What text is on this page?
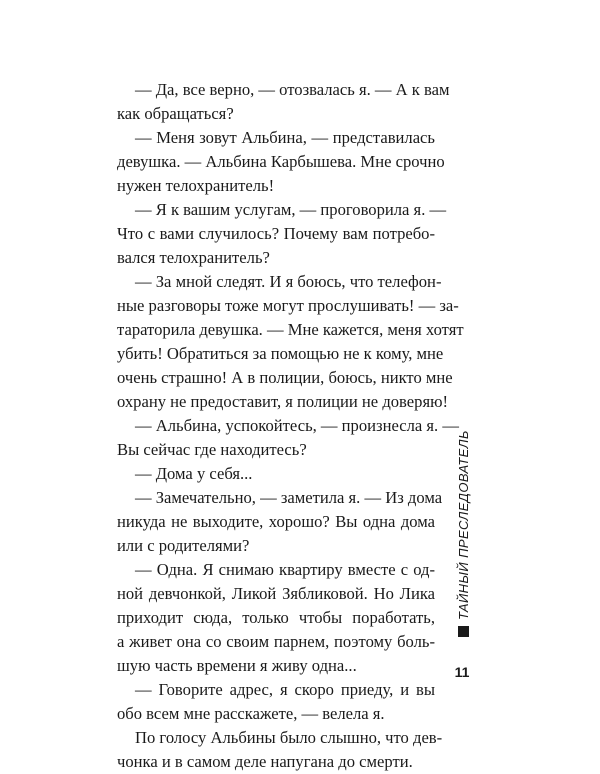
— Да, все верно, — отозвалась я. — А к вам
как обращаться?
— Меня зовут Альбина, — представилась
девушка. — Альбина Карбышева. Мне срочно
нужен телохранитель!
— Я к вашим услугам, — проговорила я. —
Что с вами случилось? Почему вам потребо-
вался телохранитель?
— За мной следят. И я боюсь, что телефон-
ные разговоры тоже могут прослушивать! — за-
тараторила девушка. — Мне кажется, меня хотят
убить! Обратиться за помощью не к кому, мне
очень страшно! А в полиции, боюсь, никто мне
охрану не предоставит, я полиции не доверяю!
— Альбина, успокойтесь, — произнесла я. —
Вы сейчас где находитесь?
— Дома у себя...
— Замечательно, — заметила я. — Из дома
никуда не выходите, хорошо? Вы одна дома
или с родителями?
— Одна. Я снимаю квартиру вместе с од-
ной девчонкой, Ликой Зябликовой. Но Лика
приходит сюда, только чтобы поработать,
а живет она со своим парнем, поэтому боль-
шую часть времени я живу одна...
— Говорите адрес, я скоро приеду, и вы
обо всем мне расскажете, — велела я.
По голосу Альбины было слышно, что дев-
чонка и в самом деле напугана до смерти.
ТАЙНЫЙ ПРЕСЛЕДОВАТЕЛЬ
11
